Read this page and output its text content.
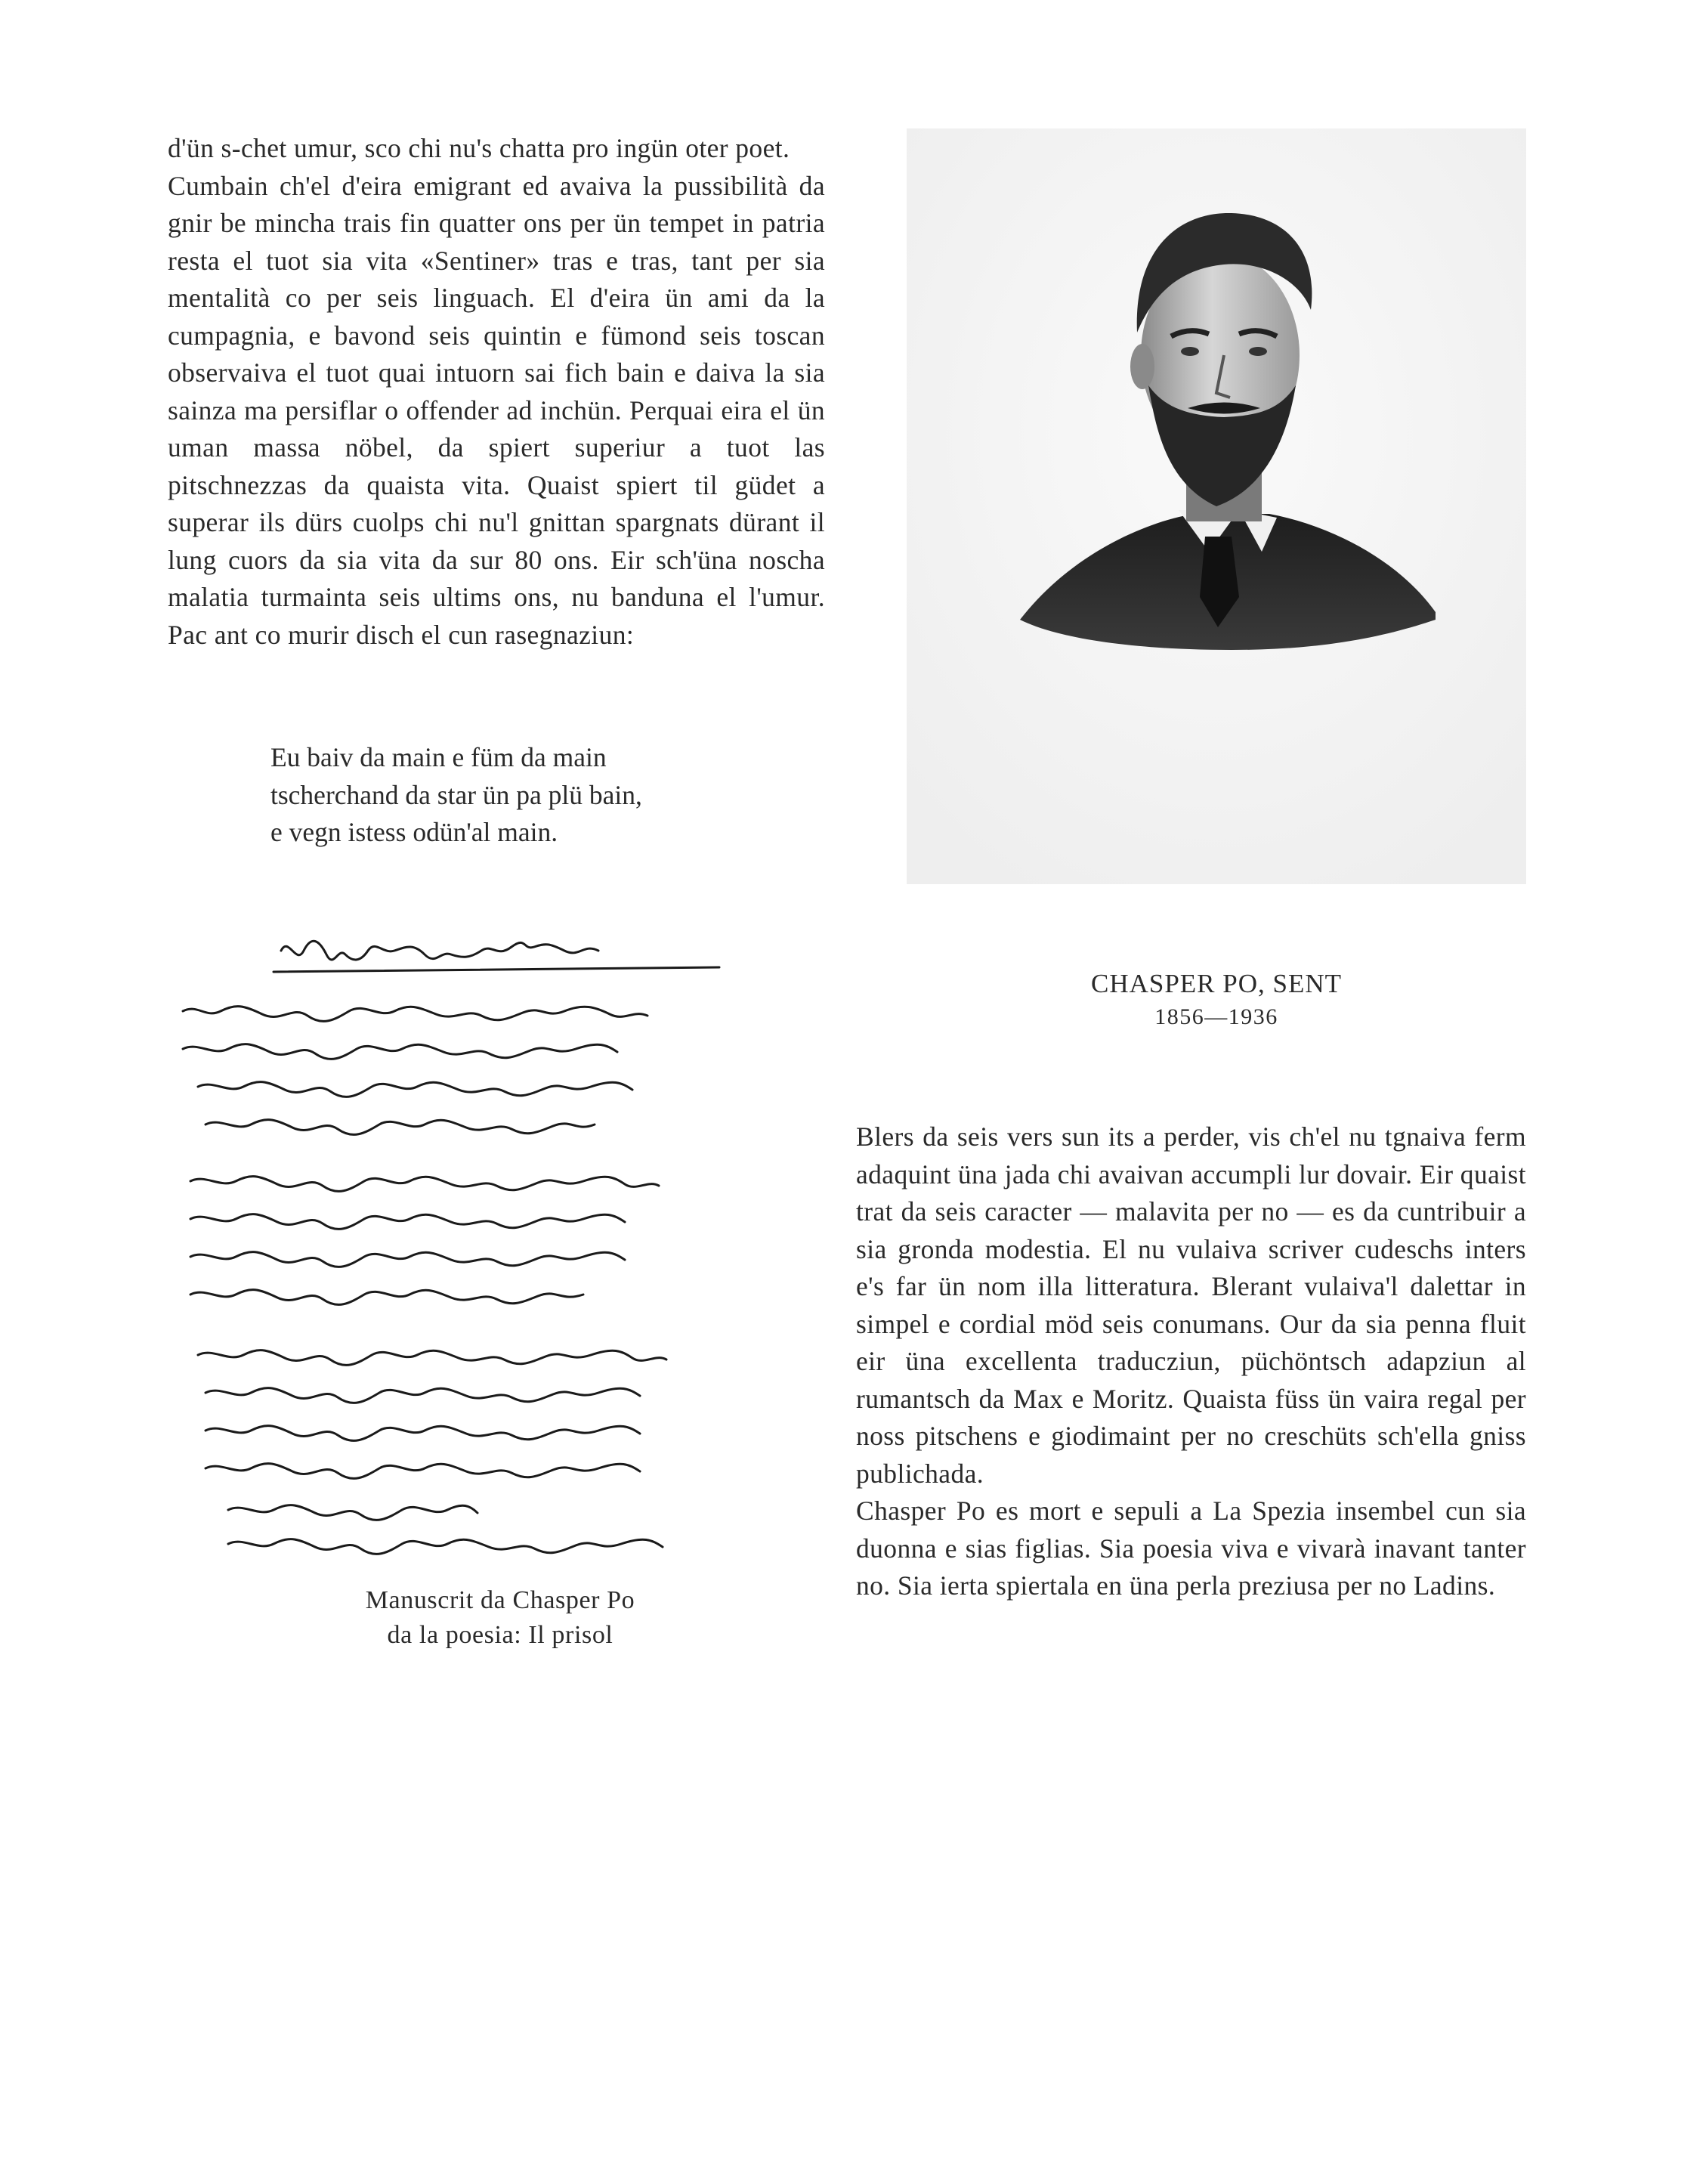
d'ün s-chet umur, sco chi nu's chatta pro ingün oter poet.

Cumbain ch'el d'eira emigrant ed avaiva la pussibilità da gnir be mincha trais fin quatter ons per ün tempet in patria resta el tuot sia vita «Sentiner» tras e tras, tant per sia mentalità co per seis linguach. El d'eira ün ami da la cumpagnia, e bavond seis quintin e fümond seis toscan observaiva el tuot quai intuorn sai fich bain e daiva la sia sainza ma persiflar o offender ad inchün. Perquai eira el ün uman massa nöbel, da spiert superiur a tuot las pitschnezzas da quaista vita. Quaist spiert til güdet a superar ils dürs cuolps chi nu'l gnittan spargnats dürant il lung cuors da sia vita da sur 80 ons. Eir sch'üna noscha malatia turmainta seis ultims ons, nu banduna el l'umur. Pac ant co murir disch el cun rasegnaziun:

Eu baiv da main e füm da main
tscherchand da star ün pa plü bain,
e vegn istess odün'al main.
CHASPER PO, SENT
1856—1936
Manuscrit da Chasper Po
da la poesia: Il prisol

Blers da seis vers sun its a perder, vis ch'el nu tgnaiva ferm adaquint üna jada chi avaivan accumpli lur dovair. Eir quaist trat da seis caracter — malavita per no — es da cuntribuir a sia gronda modestia. El nu vulaiva scriver cudeschs inters e's far ün nom illa litteratura. Blerant vulaiva'l dalettar in simpel e cordial möd seis conumans. Our da sia penna fluit eir üna excellenta traducziun, püchöntsch adapziun al rumantsch da Max e Moritz. Quaista füss ün vaira regal per noss pitschens e giodimaint per no creschüts sch'ella gniss publichada.

Chasper Po es mort e sepuli a La Spezia insembel cun sia duonna e sias figlias. Sia poesia viva e vivarà inavant tanter no. Sia ierta spiertala en üna perla preziusa per no Ladins.
